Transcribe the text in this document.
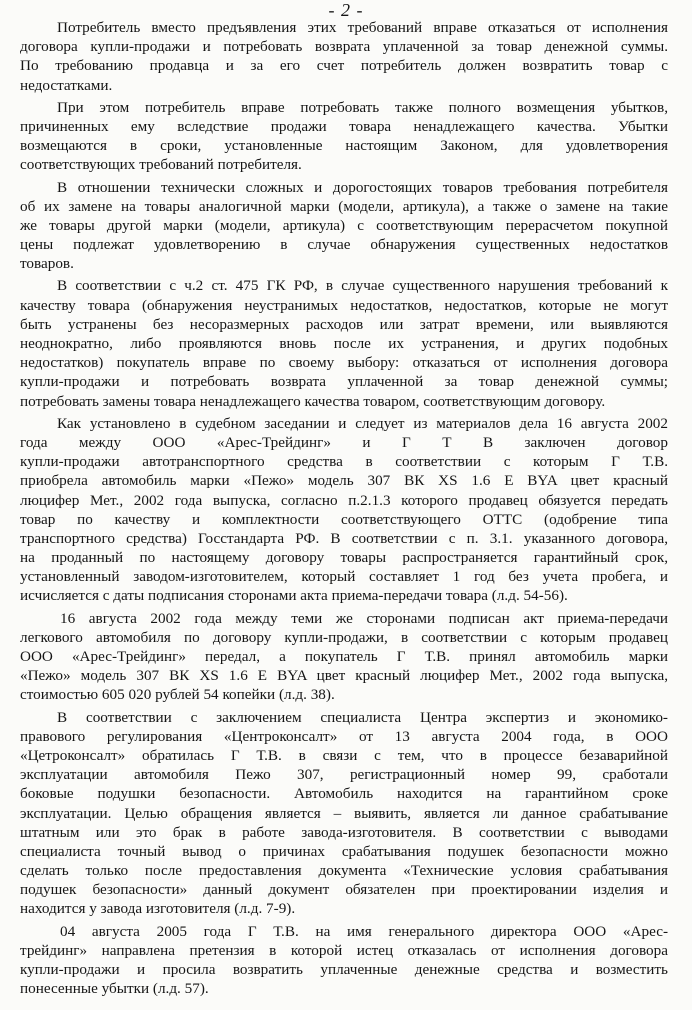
- 2 -
Потребитель вместо предъявления этих требований вправе отказаться от исполнения
договора купли-продажи и потребовать возврата уплаченной за товар денежной суммы.
По требованию продавца и за его счет потребитель должен возвратить товар с
недостатками.
При этом потребитель вправе потребовать также полного возмещения убытков,
причиненных ему вследствие продажи товара ненадлежащего качества. Убытки
возмещаются в сроки, установленные настоящим Законом, для удовлетворения
соответствующих требований потребителя.
В отношении технически сложных и дорогостоящих товаров требования потребителя
об их замене на товары аналогичной марки (модели, артикула), а также о замене на такие
же товары другой марки (модели, артикула) с соответствующим перерасчетом покупной
цены подлежат удовлетворению в случае обнаружения существенных недостатков
товаров.
В соответствии с ч.2 ст. 475 ГК РФ, в случае существенного нарушения требований к
качеству товара (обнаружения неустранимых недостатков, недостатков, которые не могут
быть устранены без несоразмерных расходов или затрат времени, или выявляются
неоднократно, либо проявляются вновь после их устранения, и других подобных
недостатков) покупатель вправе по своему выбору: отказаться от исполнения договора
купли-продажи и потребовать возврата уплаченной за товар денежной суммы;
потребовать замены товара ненадлежащего качества товаром, соответствующим договору.
Как установлено в судебном заседании и следует из материалов дела 16 августа 2002
года между ООО «Арес-Трейдинг» и Г Т В заключен договор
купли-продажи автотранспортного средства в соответствии с которым Г Т.В.
приобрела автомобиль марки «Пежо» модель 307 ВК XS 1.6 Е ВYA цвет красный
люцифер Мет., 2002 года выпуска, согласно п.2.1.3 которого продавец обязуется передать
товар по качеству и комплектности соответствующего ОТТС (одобрение типа
транспортного средства) Госстандарта РФ. В соответствии с п. 3.1. указанного договора,
на проданный по настоящему договору товары распространяется гарантийный срок,
установленный заводом-изготовителем, который составляет 1 год без учета пробега, и
исчисляется с даты подписания сторонами акта приема-передачи товара (л.д. 54-56).
16 августа 2002 года между теми же сторонами подписан акт приема-передачи
легкового автомобиля по договору купли-продажи, в соответствии с которым продавец
ООО «Арес-Трейдинг» передал, а покупатель Г Т.В. принял автомобиль марки
«Пежо» модель 307 ВК XS 1.6 Е ВYA цвет красный люцифер Мет., 2002 года выпуска,
стоимостью 605 020 рублей 54 копейки (л.д. 38).
В соответствии с заключением специалиста Центра экспертиз и экономико-
правового регулирования «Центроконсалт» от 13 августа 2004 года, в ООО
«Цетроконсалт» обратилась Г Т.В. в связи с тем, что в процессе безаварийной
эксплуатации автомобиля Пежо 307, регистрационный номер 99, сработали
боковые подушки безопасности. Автомобиль находится на гарантийном сроке
эксплуатации. Целью обращения является – выявить, является ли данное срабатывание
штатным или это брак в работе завода-изготовителя. В соответствии с выводами
специалиста точный вывод о причинах срабатывания подушек безопасности можно
сделать только после предоставления документа «Технические условия срабатывания
подушек безопасности» данный документ обязателен при проектировании изделия и
находится у завода изготовителя (л.д. 7-9).
04 августа 2005 года Г Т.В. на имя генерального директора ООО «Арес-
трейдинг» направлена претензия в которой истец отказалась от исполнения договора
купли-продажи и просила возвратить уплаченные денежные средства и возместить
понесенные убытки (л.д. 57).
